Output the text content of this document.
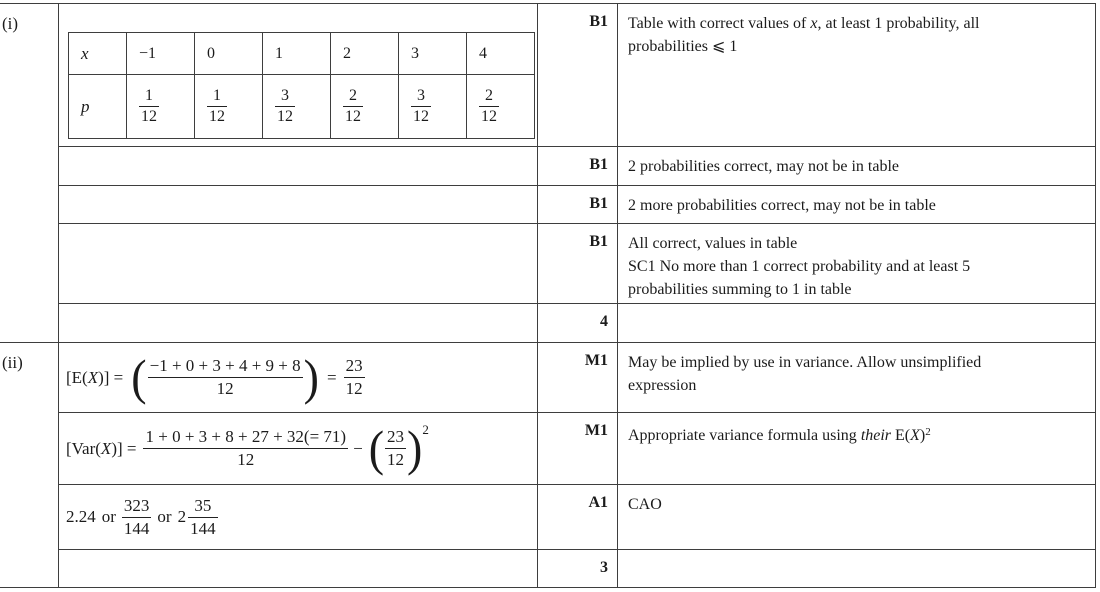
(i)
x	−1	0	1	2	3	4
p	$\frac{1}{12}$	$\frac{1}{12}$	$\frac{3}{12}$	$\frac{2}{12}$	$\frac{3}{12}$	$\frac{2}{12}$
B1	Table with correct values of x, at least 1 probability, all
probabilities ⩽ 1
B1	2 probabilities correct, may not be in table
B1	2 more probabilities correct, may not be in table
B1	All correct, values in table
SC1 No more than 1 correct probability and at least 5
probabilities summing to 1 in table
4
(ii)
[E(X)] = ( $\frac{-1 + 0 + 3 + 4 + 9 + 8}{12}$ ) = $\frac{23}{12}$	M1	May be implied by use in variance. Allow unsimplified
expression
$[Var(X)] = \frac{1 + 0 + 3 + 8 + 27 + 32(= 71)}{12}$ − ( $\frac{23}{12}$ ) 2	M1	Appropriate variance formula using their $E(X)^2$
2.24 or $\frac{323}{144}$ or $2 \frac{35}{144}$	A1	CAO
3
